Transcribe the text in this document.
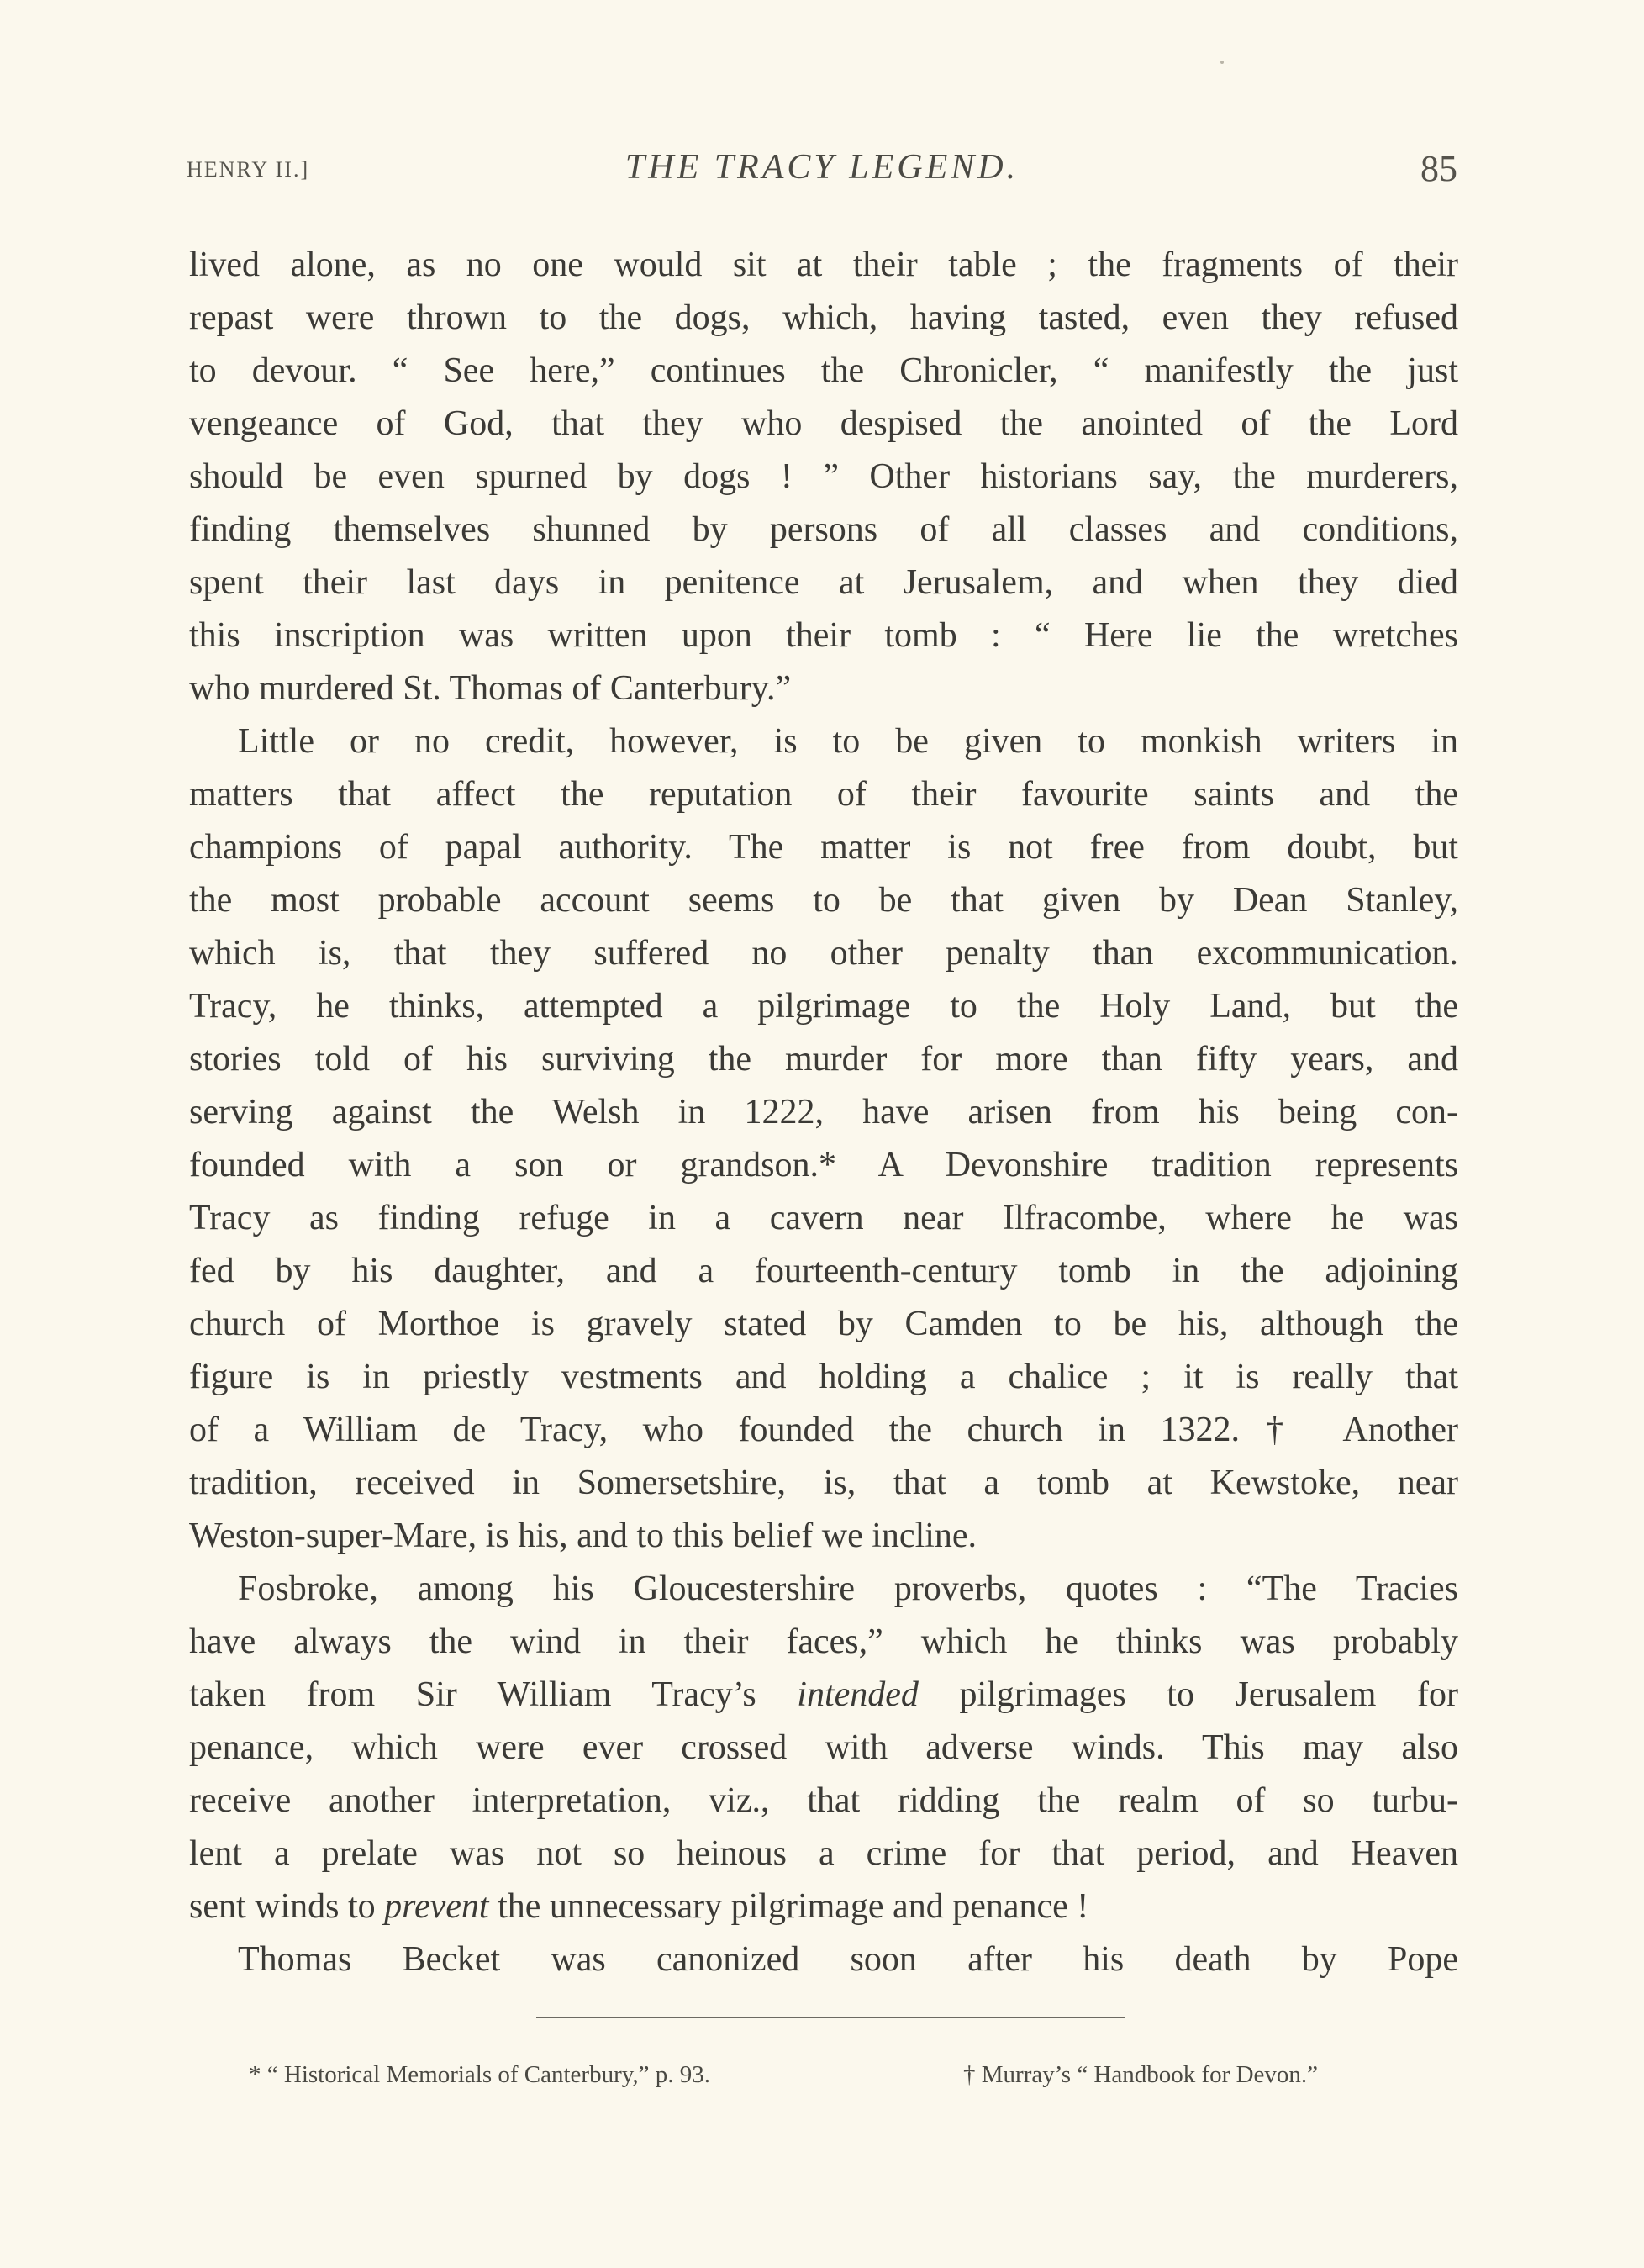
HENRY II.]	THE TRACY LEGEND.	85
lived alone, as no one would sit at their table ; the fragments of their
repast were thrown to the dogs, which, having tasted, even they refused
to devour. “ See here,” continues the Chronicler, “ manifestly the just
vengeance of God, that they who despised the anointed of the Lord
should be even spurned by dogs ! ” Other historians say, the murderers,
finding themselves shunned by persons of all classes and conditions,
spent their last days in penitence at Jerusalem, and when they died
this inscription was written upon their tomb : “ Here lie the wretches
who murdered St. Thomas of Canterbury.”
Little or no credit, however, is to be given to monkish writers in
matters that affect the reputation of their favourite saints and the
champions of papal authority. The matter is not free from doubt, but
the most probable account seems to be that given by Dean Stanley,
which is, that they suffered no other penalty than excommunication.
Tracy, he thinks, attempted a pilgrimage to the Holy Land, but the
stories told of his surviving the murder for more than fifty years, and
serving against the Welsh in 1222, have arisen from his being con-
founded with a son or grandson.* A Devonshire tradition represents
Tracy as finding refuge in a cavern near Ilfracombe, where he was
fed by his daughter, and a fourteenth-century tomb in the adjoining
church of Morthoe is gravely stated by Camden to be his, although the
figure is in priestly vestments and holding a chalice ; it is really that
of a William de Tracy, who founded the church in 1322.† Another
tradition, received in Somersetshire, is, that a tomb at Kewstoke, near
Weston-super-Mare, is his, and to this belief we incline.
Fosbroke, among his Gloucestershire proverbs, quotes : “The Tracies
have always the wind in their faces,” which he thinks was probably
taken from Sir William Tracy’s intended pilgrimages to Jerusalem for
penance, which were ever crossed with adverse winds. This may also
receive another interpretation, viz., that ridding the realm of so turbu-
lent a prelate was not so heinous a crime for that period, and Heaven
sent winds to prevent the unnecessary pilgrimage and penance !
Thomas Becket was canonized soon after his death by Pope
* “ Historical Memorials of Canterbury,” p. 93.	† Murray’s “ Handbook for Devon.”
